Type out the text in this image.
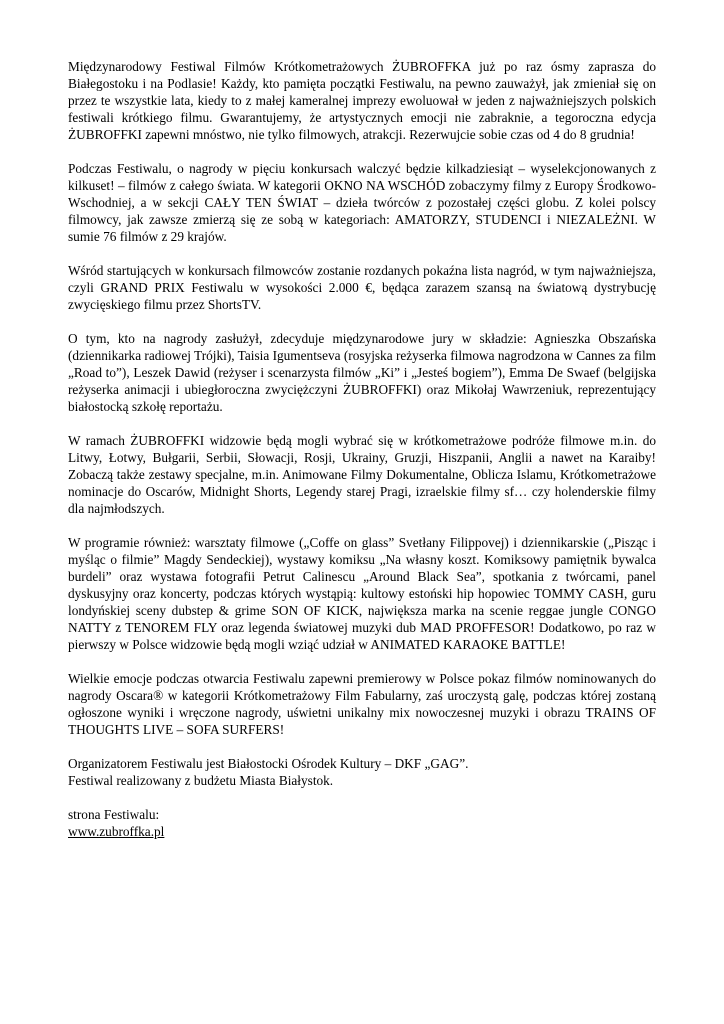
Międzynarodowy Festiwal Filmów Krótkometrażowych ŻUBROFFKA już po raz ósmy zaprasza do Białegostoku i na Podlasie! Każdy, kto pamięta początki Festiwalu, na pewno zauważył, jak zmieniał się on przez te wszystkie lata, kiedy to z małej kameralnej imprezy ewoluował w jeden z najważniejszych polskich festiwali krótkiego filmu. Gwarantujemy, że artystycznych emocji nie zabraknie, a tegoroczna edycja ŻUBROFFKI zapewni mnóstwo, nie tylko filmowych, atrakcji. Rezerwujcie sobie czas od 4 do 8 grudnia!

Podczas Festiwalu, o nagrody w pięciu konkursach walczyć będzie kilkadziesiąt – wyselekcjonowanych z kilkuset! – filmów z całego świata. W kategorii OKNO NA WSCHÓD zobaczymy filmy z Europy Środkowo-Wschodniej, a w sekcji CAŁY TEN ŚWIAT – dzieła twórców z pozostałej części globu. Z kolei polscy filmowcy, jak zawsze zmierzą się ze sobą w kategoriach: AMATORZY, STUDENCI i NIEZALEŻNI. W sumie 76 filmów z 29 krajów.

Wśród startujących w konkursach filmowców zostanie rozdanych pokaźna lista nagród, w tym najważniejsza, czyli GRAND PRIX Festiwalu w wysokości 2.000 €, będąca zarazem szansą na światową dystrybucję zwycięskiego filmu przez ShortsTV.

O tym, kto na nagrody zasłużył, zdecyduje międzynarodowe jury w składzie: Agnieszka Obszańska (dziennikarka radiowej Trójki), Taisia Igumentseva (rosyjska reżyserka filmowa nagrodzona w Cannes za film „Road to”), Leszek Dawid (reżyser i scenarzysta filmów „Ki” i „Jesteś bogiem”), Emma De Swaef (belgijska reżyserka animacji i ubiegłoroczna zwyciężczyni ŻUBROFFKI) oraz Mikołaj Wawrzeniuk, reprezentujący białostocką szkołę reportażu.

W ramach ŻUBROFFKI widzowie będą mogli wybrać się w krótkometrażowe podróże filmowe m.in. do Litwy, Łotwy, Bułgarii, Serbii, Słowacji, Rosji, Ukrainy, Gruzji, Hiszpanii, Anglii a nawet na Karaiby! Zobaczą także zestawy specjalne, m.in. Animowane Filmy Dokumentalne, Oblicza Islamu, Krótkometrażowe nominacje do Oscarów, Midnight Shorts, Legendy starej Pragi, izraelskie filmy sf… czy holenderskie filmy dla najmłodszych.

W programie również: warsztaty filmowe („Coffe on glass” Svetłany Filippovej) i dziennikarskie („Pisząc i myśląc o filmie” Magdy Sendeckiej), wystawy komiksu „Na własny koszt. Komiksowy pamiętnik bywalca burdeli” oraz wystawa fotografii Petrut Calinescu „Around Black Sea”, spotkania z twórcami, panel dyskusyjny oraz koncerty, podczas których wystąpią: kultowy estoński hip hopowiec TOMMY CASH, guru londyńskiej sceny dubstep & grime SON OF KICK, największa marka na scenie reggae jungle CONGO NATTY z TENOREM FLY oraz legenda światowej muzyki dub MAD PROFFESOR! Dodatkowo, po raz w pierwszy w Polsce widzowie będą mogli wziąć udział w ANIMATED KARAOKE BATTLE!

Wielkie emocje podczas otwarcia Festiwalu zapewni premierowy w Polsce pokaz filmów nominowanych do nagrody Oscara® w kategorii Krótkometrażowy Film Fabularny, zaś uroczystą galę, podczas której zostaną ogłoszone wyniki i wręczone nagrody, uświetni unikalny mix nowoczesnej muzyki i obrazu TRAINS OF THOUGHTS LIVE – SOFA SURFERS!

Organizatorem Festiwalu jest Białostocki Ośrodek Kultury – DKF „GAG”.

Festiwal realizowany z budżetu Miasta Białystok.

strona Festiwalu:

www.zubroffka.pl
